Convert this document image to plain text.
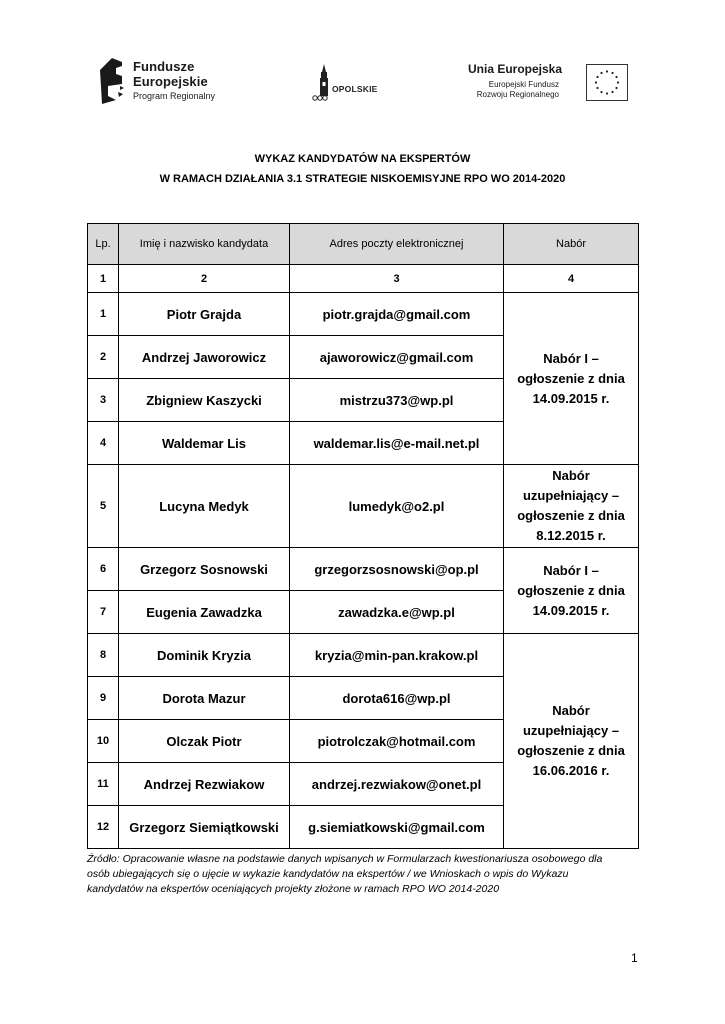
Fundusze
Europejskie
Program Regionalny
OPOLSKIE
Unia Europejska
Europejski Fundusz
Rozwoju Regionalnego
WYKAZ KANDYDATÓW NA EKSPERTÓW
W RAMACH DZIAŁANIA 3.1 STRATEGIE NISKOEMISYJNE RPO WO 2014-2020
Lp.	Imię i nazwisko kandydata	Adres poczty elektronicznej	Nabór
1	2	3	4
1	Piotr Grajda	piotr.grajda@gmail.com	Nabór I –
ogłoszenie z dnia
14.09.2015 r.

2	Andrzej Jaworowicz	ajaworowicz@gmail.com	
3	Zbigniew Kaszycki	mistrzu373@wp.pl	
4	Waldemar Lis	waldemar.lis@e-mail.net.pl	
5	Lucyna Medyk	lumedyk@o2.pl	Nabór
uzupełniający –
ogłoszenie z dnia
8.12.2015 r.

6	Grzegorz Sosnowski	grzegorzsosnowski@op.pl	Nabór I –
ogłoszenie z dnia
14.09.2015 r.

7	Eugenia Zawadzka	zawadzka.e@wp.pl	
8	Dominik Kryzia	kryzia@min-pan.krakow.pl	Nabór
uzupełniający –
ogłoszenie z dnia
16.06.2016 r.

9	Dorota Mazur	dorota616@wp.pl	
10	Olczak Piotr	piotrolczak@hotmail.com	
11	Andrzej Rezwiakow	andrzej.rezwiakow@onet.pl	
12	Grzegorz Siemiątkowski	g.siemiatkowski@gmail.com	
Źródło: Opracowanie własne na podstawie danych wpisanych w Formularzach kwestionariusza osobowego dla
osób ubiegających się o ujęcie w wykazie kandydatów na ekspertów / we Wnioskach o wpis do Wykazu
kandydatów na ekspertów oceniających projekty złożone w ramach RPO WO 2014-2020
1
